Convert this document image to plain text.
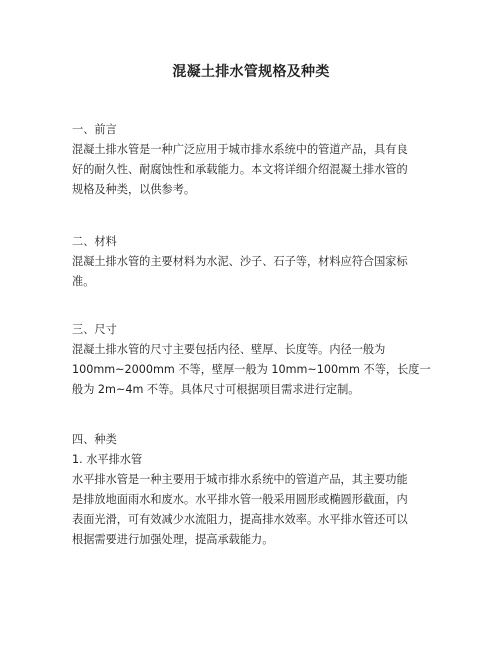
混凝土排水管规格及种类

一、前言

混凝土排水管是一种广泛应用于城市排水系统中的管道产品，具有良
好的耐久性、耐腐蚀性和承载能力。本文将详细介绍混凝土排水管的
规格及种类，以供参考。

二、材料

混凝土排水管的主要材料为水泥、沙子、石子等，材料应符合国家标
准。

三、尺寸

混凝土排水管的尺寸主要包括内径、壁厚、长度等。内径一般为
100mm~2000mm 不等，壁厚一般为 10mm~100mm 不等，长度一
般为 2m~4m 不等。具体尺寸可根据项目需求进行定制。

四、种类

1. 水平排水管

水平排水管是一种主要用于城市排水系统中的管道产品，其主要功能
是排放地面雨水和废水。水平排水管一般采用圆形或椭圆形截面，内
表面光滑，可有效减少水流阻力，提高排水效率。水平排水管还可以
根据需要进行加强处理，提高承载能力。
